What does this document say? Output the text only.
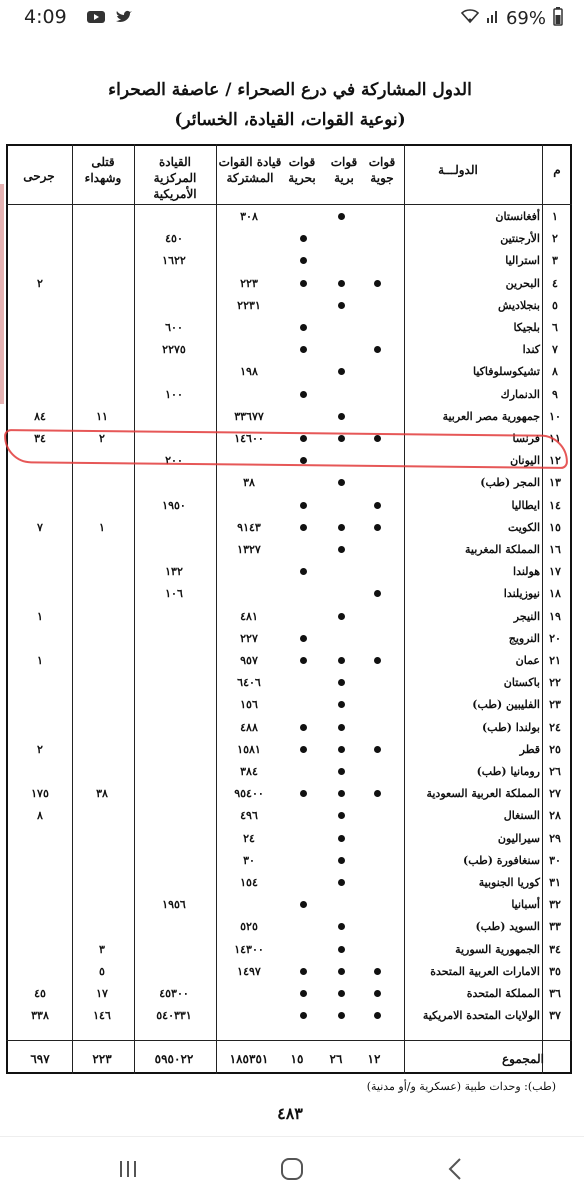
4:09	69%
الدول المشاركة في درع الصحراء / عاصفة الصحراء
(نوعية القوات، القيادة، الخسائر)
م
الدولـــة
قوات جوية
قوات برية
قوات بحرية
قيادة القوات المشتركة
القيادة المركزية الأمريكية
قتلى وشهداء
جرحى
١
أفغانستان
٣٠٨
٢
الأرجنتين
٤٥٠
٣
استراليا
١٦٢٢
٤
البحرين
٢٢٣
٢
٥
بنجلاديش
٢٢٣١
٦
بلجيكا
٦٠٠
٧
كندا
٢٢٧٥
٨
تشيكوسلوفاكيا
١٩٨
٩
الدنمارك
١٠٠
١٠
جمهورية مصر العربية
٣٣٦٧٧
١١
٨٤
١١
فرنسا
١٤٦٠٠
٢
٣٤
١٢
اليونان
٢٠٠
١٣
المجر (طب)
٣٨
١٤
ايطاليا
١٩٥٠
١٥
الكويت
٩١٤٣
١
٧
١٦
المملكة المغربية
١٣٢٧
١٧
هولندا
١٣٢
١٨
نيوزيلندا
١٠٦
١٩
النيجر
٤٨١
١
٢٠
النرويج
٢٢٧
٢١
عمان
٩٥٧
١
٢٢
باكستان
٦٤٠٦
٢٣
الفليبين (طب)
١٥٦
٢٤
بولندا (طب)
٤٨٨
٢٥
قطر
١٥٨١
٢
٢٦
رومانيا (طب)
٣٨٤
٢٧
المملكة العربية السعودية
٩٥٤٠٠
٣٨
١٧٥
٢٨
السنغال
٤٩٦
٨
٢٩
سيراليون
٢٤
٣٠
سنغافورة (طب)
٣٠
٣١
كوريا الجنوبية
١٥٤
٣٢
أسبانيا
١٩٥٦
٣٣
السويد (طب)
٥٢٥
٣٤
الجمهورية السورية
١٤٣٠٠
٣
٣٥
الامارات العربية المتحدة
١٤٩٧
٥
٣٦
المملكة المتحدة
٤٥٣٠٠
١٧
٤٥
٣٧
الولايات المتحدة الامريكية
٥٤٠٣٣١
١٤٦
٣٣٨
المجموع
١٢
٢٦
١٥
١٨٥٣٥١
٥٩٥٠٢٢
٢٢٣
٦٩٧
(طب): وحدات طبية (عسكرية و/أو مدنية)
٤٨٣
